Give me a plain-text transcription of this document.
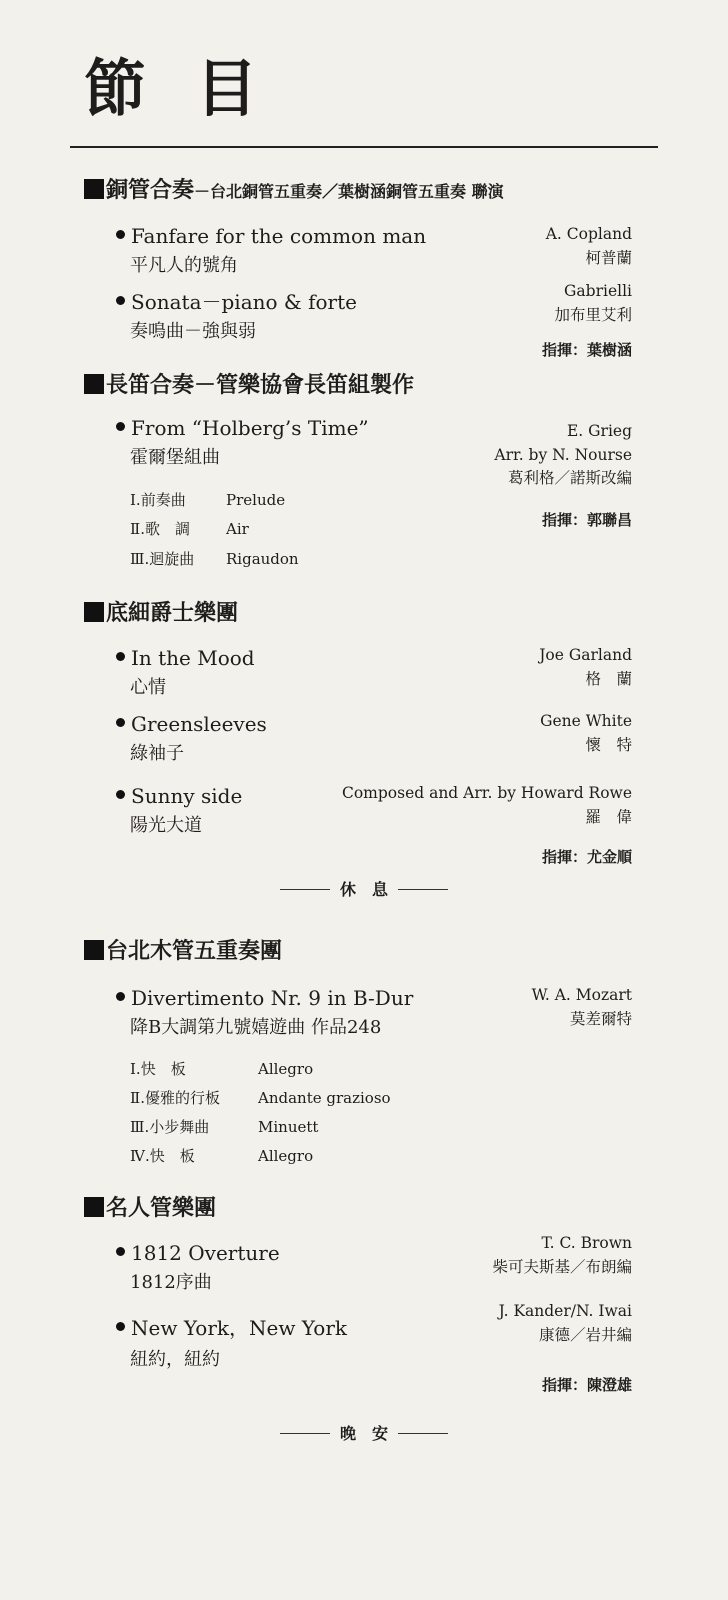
節 目
銅管合奏－台北銅管五重奏／葉樹涵銅管五重奏 聯演
Fanfare for the common man
平凡人的號角
A. Copland
柯普蘭
Sonata－piano & forte
奏鳴曲－強與弱
Gabrielli
加布里艾利
指揮：葉樹涵
長笛合奏－管樂協會長笛組製作
From “Holberg’s Time”
霍爾堡組曲
E. Grieg
Arr. by N. Nourse
葛利格／諾斯改編
Ⅰ.前奏曲	Prelude
Ⅱ.歌　調 Air
Ⅲ.迴旋曲 Rigaudon
指揮：郭聯昌
底細爵士樂團
In the Mood
心情
Joe Garland
格　蘭
Greensleeves
綠袖子
Gene White
懷　特
Sunny side
陽光大道
Composed and Arr. by Howard Rowe
羅　偉
指揮：尤金順
休　息
台北木管五重奏團
Divertimento Nr. 9 in B-Dur
降B大調第九號嬉遊曲 作品248
W. A. Mozart
莫差爾特
Ⅰ.快　板	Allegro
Ⅱ.優雅的行板	Andante grazioso
Ⅲ.小步舞曲	Minuett
Ⅳ.快　板	Allegro
名人管樂團
1812 Overture
1812序曲
T. C. Brown
柴可夫斯基／布朗編
New York，New York
紐約，紐約
J. Kander/N. Iwai
康德／岩井編
指揮：陳澄雄
晚　安
